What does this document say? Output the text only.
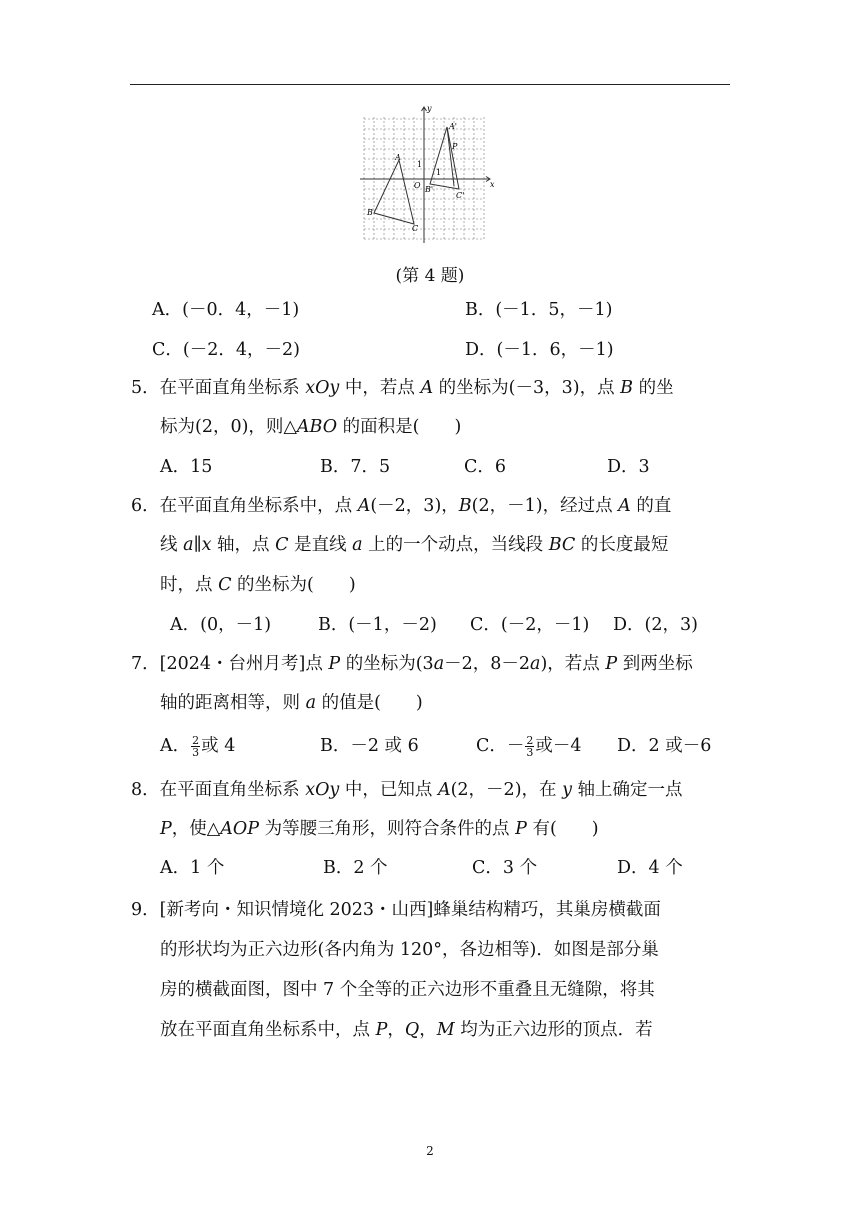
y
x
O
1
1
A
B
C
A'
P
B'
C'
(第 4 题)
A．(－0．4，－1)	B．(－1．5，－1)
C．(－2．4，－2)	D．(－1．6，－1)
5．在平面直角坐标系 xOy 中，若点 A 的坐标为(－3，3)，点 B 的坐
标为(2，0)，则△ABO 的面积是(　　)
A．15	B．7．5	C．6	D．3
6．在平面直角坐标系中，点 A(－2，3)，B(2，－1)，经过点 A 的直
线 a∥x 轴，点 C 是直线 a 上的一个动点，当线段 BC 的长度最短
时，点 C 的坐标为(　　)
A．(0，－1)	B．(－1，－2) C．(－2，－1) D．(2，3)
7．[2024・台州月考]点 P 的坐标为(3a－2，8－2a)，若点 P 到两坐标
轴的距离相等，则 a 的值是(　　)
A． $\frac{2}{3}$ 或 4	B．－2 或 6	C．－ $\frac{2}{3}$ 或－4 D．2 或－6
8．在平面直角坐标系 xOy 中，已知点 A(2，－2)，在 y 轴上确定一点
P，使△AOP 为等腰三角形，则符合条件的点 P 有(　　)
A．1 个	B．2 个	C．3 个	D．4 个
9．[新考向・知识情境化 2023・山西]蜂巢结构精巧，其巢房横截面
的形状均为正六边形(各内角为 120°，各边相等)．如图是部分巢
房的横截面图，图中 7 个全等的正六边形不重叠且无缝隙，将其
放在平面直角坐标系中，点 P，Q，M 均为正六边形的顶点．若
2
